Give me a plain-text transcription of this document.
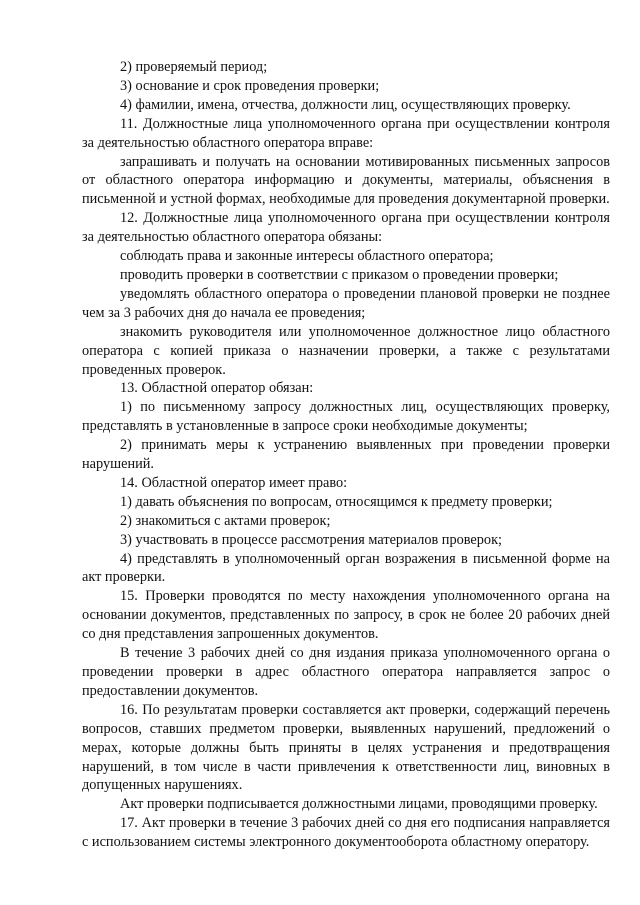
2) проверяемый период;

3) основание и срок проведения проверки;

4) фамилии, имена, отчества, должности лиц, осуществляющих проверку.

11. Должностные лица уполномоченного органа при осуществлении контроля за деятельностью областного оператора вправе:

запрашивать и получать на основании мотивированных письменных запросов от областного оператора информацию и документы, материалы, объяснения в письменной и устной формах, необходимые для проведения документарной проверки.

12. Должностные лица уполномоченного органа при осуществлении контроля за деятельностью областного оператора обязаны:

соблюдать права и законные интересы областного оператора;

проводить проверки в соответствии с приказом о проведении проверки;

уведомлять областного оператора о проведении плановой проверки не позднее чем за 3 рабочих дня до начала ее проведения;

знакомить руководителя или уполномоченное должностное лицо областного оператора с копией приказа о назначении проверки, а также с результатами проведенных проверок.

13. Областной оператор обязан:

1) по письменному запросу должностных лиц, осуществляющих проверку, представлять в установленные в запросе сроки необходимые документы;

2) принимать меры к устранению выявленных при проведении проверки нарушений.

14. Областной оператор имеет право:

1) давать объяснения по вопросам, относящимся к предмету проверки;

2) знакомиться с актами проверок;

3) участвовать в процессе рассмотрения материалов проверок;

4) представлять в уполномоченный орган возражения в письменной форме на акт проверки.

15. Проверки проводятся по месту нахождения уполномоченного органа на основании документов, представленных по запросу, в срок не более 20 рабочих дней со дня представления запрошенных документов.

В течение 3 рабочих дней со дня издания приказа уполномоченного органа о проведении проверки в адрес областного оператора направляется запрос о предоставлении документов.

16. По результатам проверки составляется акт проверки, содержащий перечень вопросов, ставших предметом проверки, выявленных нарушений, предложений о мерах, которые должны быть приняты в целях устранения и предотвращения нарушений, в том числе в части привлечения к ответственности лиц, виновных в допущенных нарушениях.

Акт проверки подписывается должностными лицами, проводящими проверку.

17. Акт проверки в течение 3 рабочих дней со дня его подписания направляется с использованием системы электронного документооборота областному оператору.
